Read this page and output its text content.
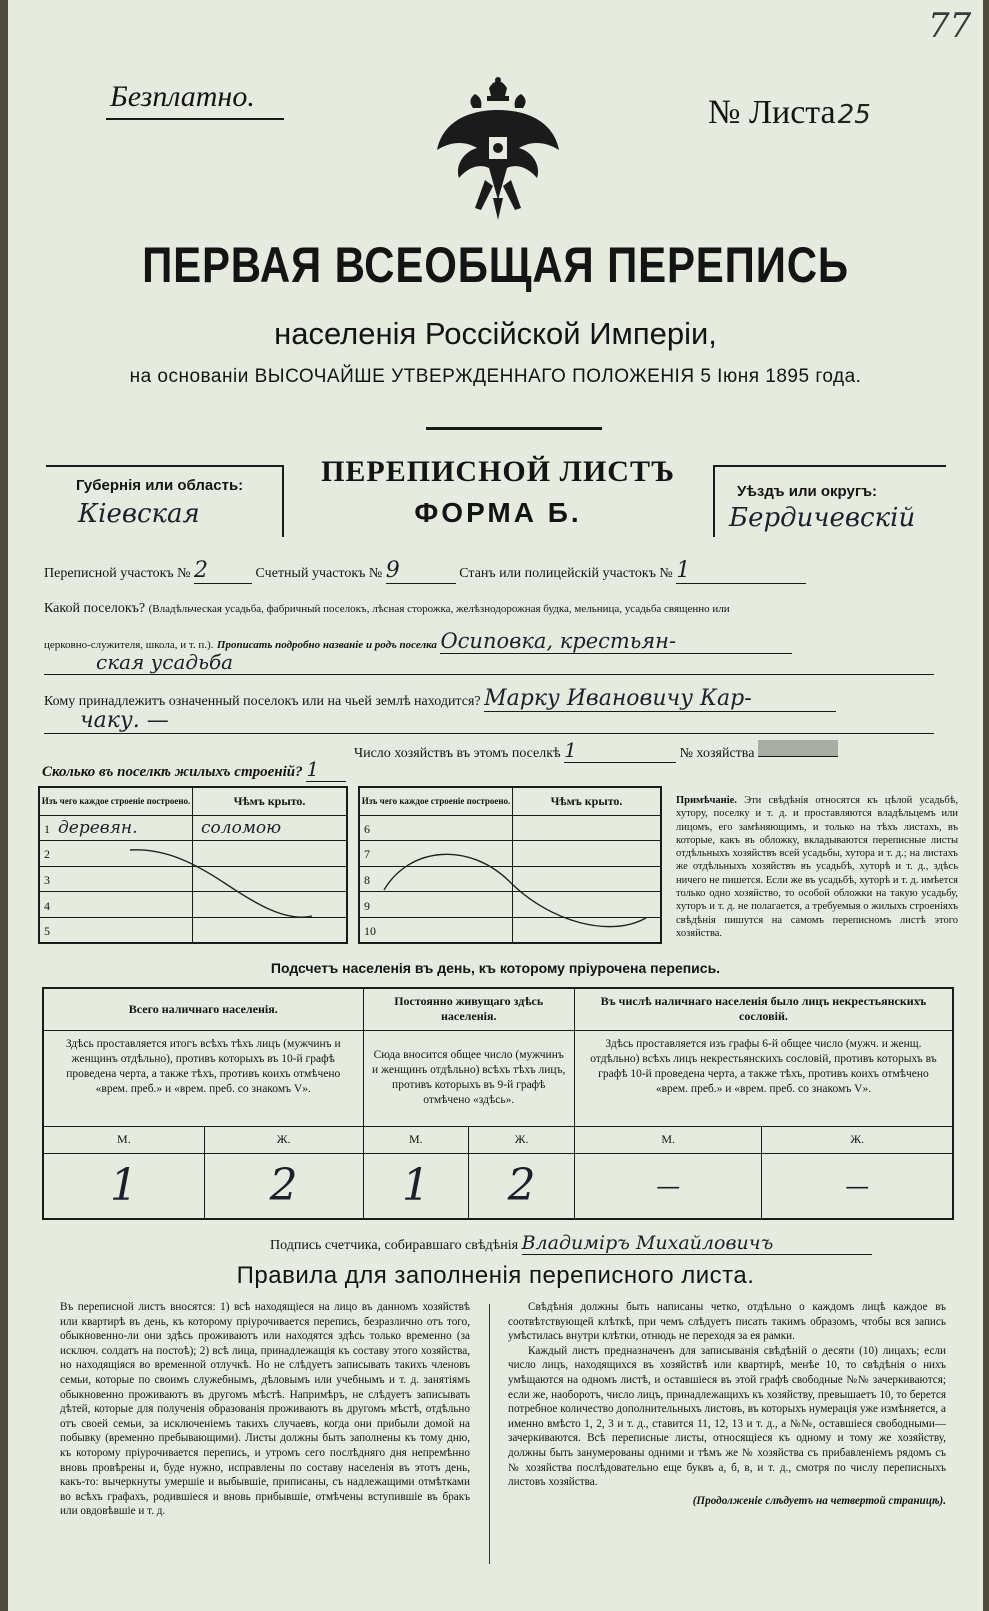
77
Безплатно.	№ Листа25
ПЕРВАЯ ВСЕОБЩАЯ ПЕРЕПИСЬ
населенія Россійской Имперіи,
на основаніи ВЫСОЧАЙШЕ УТВЕРЖДЕННАГО ПОЛОЖЕНІЯ 5 Іюня 1895 года.
Губернія или область:
Кіевская
ПЕРЕПИСНОЙ ЛИСТЪ
ФОРМА Б.
Уѣздъ или округъ:
Бердичевскій
Переписной участокъ № 2	Счетный участокъ № 9	Станъ или полицейскій участокъ № 1
Какой поселокъ? (Владѣльческая усадьба, фабричный поселокъ, лѣсная сторожка, желѣзнодорожная будка, мельница, усадьба священно или
церковно-служителя, школа, и т. п.). Прописать подробно названіе и родъ поселка Осиповка, крестьян-
ская усадьба
Кому принадлежитъ означенный поселокъ или на чьей землѣ находится? Марку Ивановичу Кар-
чаку. —
Число хозяйствъ въ этомъ поселкѣ 1	№ хозяйства
Сколько въ поселкѣ жилыхъ строеній? 1
Изъ чего каждое строеніе построено.	Чѣмъ крыто.
1 деревян.	соломою
2	
3	
4	
5	
Изъ чего каждое строеніе построено.	Чѣмъ крыто.
6	
7	
8	
9	
10	
Примѣчаніе. Эти свѣдѣнія относятся къ цѣлой усадьбѣ, хутору, поселку и т. д. и проставляются владѣльцемъ или лицомъ, его замѣняющимъ, и только на тѣхъ листахъ, въ которые, какъ въ обложку, вкладываются переписные листы отдѣльныхъ хозяйствъ всей усадьбы, хутора и т. д.; на листахъ же отдѣльныхъ хозяйствъ въ усадьбѣ, хуторѣ и т. д., здѣсь ничего не пишется. Если же въ усадьбѣ, хуторѣ и т. д. имѣется только одно хозяйство, то особой обложки на такую усадьбу, хуторъ и т. д. не полагается, а требуемыя о жилыхъ строеніяхъ свѣдѣнія пишутся на самомъ переписномъ листѣ этого хозяйства.
Подсчетъ населенія въ день, къ которому пріурочена перепись.
Всего наличнаго населенія.		Постоянно живущаго здѣсь населенія.		Въ числѣ наличнаго населенія было лицъ некрестьянскихъ сословій.	
Здѣсь проставляется итогъ всѣхъ тѣхъ лицъ (мужчинъ и женщинъ отдѣльно), противъ которыхъ въ 10-й графѣ проведена черта, а также тѣхъ, противъ коихъ отмѣчено «врем. преб.» и «врем. преб. со знакомъ V».		Сюда вносится общее число (мужчинъ и женщинъ отдѣльно) всѣхъ тѣхъ лицъ, противъ которыхъ въ 9-й графѣ отмѣчено «здѣсь».		Здѣсь проставляется изъ графы 6-й общее число (мужч. и женщ. отдѣльно) всѣхъ лицъ некрестьянскихъ сословій, противъ которыхъ въ графѣ 10-й проведена черта, а также тѣхъ, противъ коихъ отмѣчено «врем. преб.» и «врем. преб. со знакомъ V».	
М.	Ж.	М.	Ж.	М.	Ж.
1	2	1	2	—	—
Подпись счетчика, собиравшаго свѣдѣнія Владиміръ Михайловичъ
Правила для заполненія переписного листа.
Въ переписной листъ вносятся: 1) всѣ находящіеся на лицо въ данномъ хозяйствѣ или квартирѣ въ день, къ которому пріурочивается перепись, безразлично отъ того, обыкновенно-ли они здѣсь проживаютъ или находятся здѣсь только временно (за исключ. солдатъ на постоѣ); 2) всѣ лица, принадлежащія къ составу этого хозяйства, но находящіяся во временной отлучкѣ. Но не слѣдуетъ записывать такихъ членовъ семьи, которые по своимъ служебнымъ, дѣловымъ или учебнымъ и т. д. занятіямъ обыкновенно проживаютъ въ другомъ мѣстѣ. Напримѣръ, не слѣдуетъ записывать дѣтей, которые для полученія образованія проживаютъ въ другомъ мѣстѣ, отдѣльно отъ своей семьи, за исключеніемъ такихъ случаевъ, когда они прибыли домой на побывку (временно пребывающими). Листы должны быть заполнены къ тому дню, къ которому пріурочивается перепись, и утромъ сего послѣдняго дня непремѣнно вновь провѣрены и, буде нужно, исправлены по составу населенія въ этотъ день, какъ-то: вычеркнуты умершіе и выбывшіе, приписаны, съ надлежащими отмѣтками во всѣхъ графахъ, родившіеся и вновь прибывшіе, отмѣчены вступившіе въ бракъ или овдовѣвшіе и т. д.
Свѣдѣнія должны быть написаны четко, отдѣльно о каждомъ лицѣ каждое въ соотвѣтствующей клѣткѣ, при чемъ слѣдуетъ писать такимъ образомъ, чтобы вся запись умѣстилась внутри клѣтки, отнюдь не переходя за ея рамки.
Каждый листъ предназначенъ для записыванія свѣдѣній о десяти (10) лицахъ; если число лицъ, находящихся въ хозяйствѣ или квартирѣ, менѣе 10, то свѣдѣнія о нихъ умѣщаются на одномъ листѣ, и оставшіеся въ этой графѣ свободные №№ зачеркиваются; если же, наоборотъ, число лицъ, принадлежащихъ къ хозяйству, превышаетъ 10, то берется потребное количество дополнительныхъ листовъ, въ которыхъ нумерація уже измѣняется, а именно вмѣсто 1, 2, 3 и т. д., ставится 11, 12, 13 и т. д., а №№, оставшіеся свободными—зачеркиваются. Всѣ переписные листы, относящіеся къ одному и тому же хозяйству, должны быть занумерованы одними и тѣмъ же № хозяйства съ прибавленіемъ рядомъ съ № хозяйства послѣдовательно еще буквъ а, б, в, и т. д., смотря по числу переписныхъ листовъ хозяйства.
(Продолженіе слѣдуетъ на четвертой страницѣ).
